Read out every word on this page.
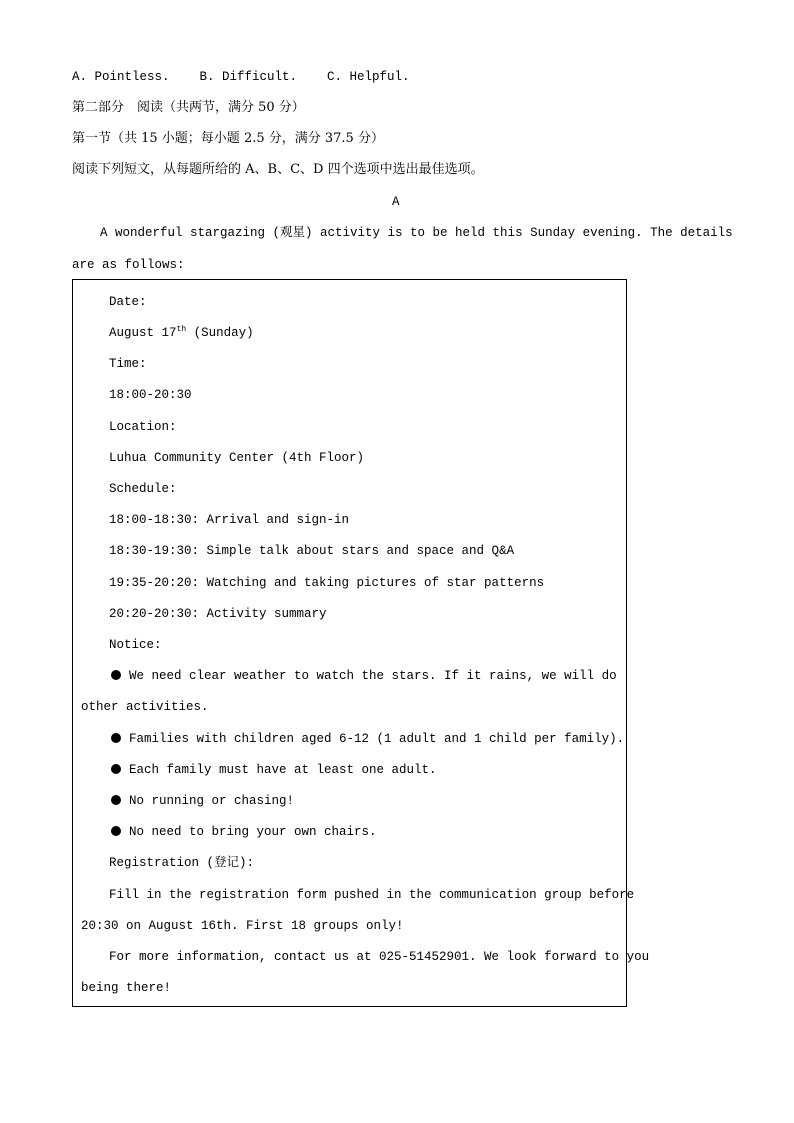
A. Pointless.    B. Difficult.    C. Helpful.
第二部分　阅读（共两节，满分 50 分）
第一节（共 15 小题；每小题 2.5 分，满分 37.5 分）
阅读下列短文，从每题所给的 A、B、C、D 四个选项中选出最佳选项。
A
A wonderful stargazing (观星) activity is to be held this Sunday evening. The details
are as follows:
Date:
August 17th (Sunday)
Time:
18:00-20:30
Location:
Luhua Community Center (4th Floor)
Schedule:
18:00-18:30: Arrival and sign-in
18:30-19:30: Simple talk about stars and space and Q&A
19:35-20:20: Watching and taking pictures of star patterns
20:20-20:30: Activity summary
Notice:
We need clear weather to watch the stars. If it rains, we will do
other activities.
Families with children aged 6-12 (1 adult and 1 child per family).
Each family must have at least one adult.
No running or chasing!
No need to bring your own chairs.
Registration (登记):
Fill in the registration form pushed in the communication group before
20:30 on August 16th. First 18 groups only!
For more information, contact us at 025-51452901. We look forward to you
being there!
